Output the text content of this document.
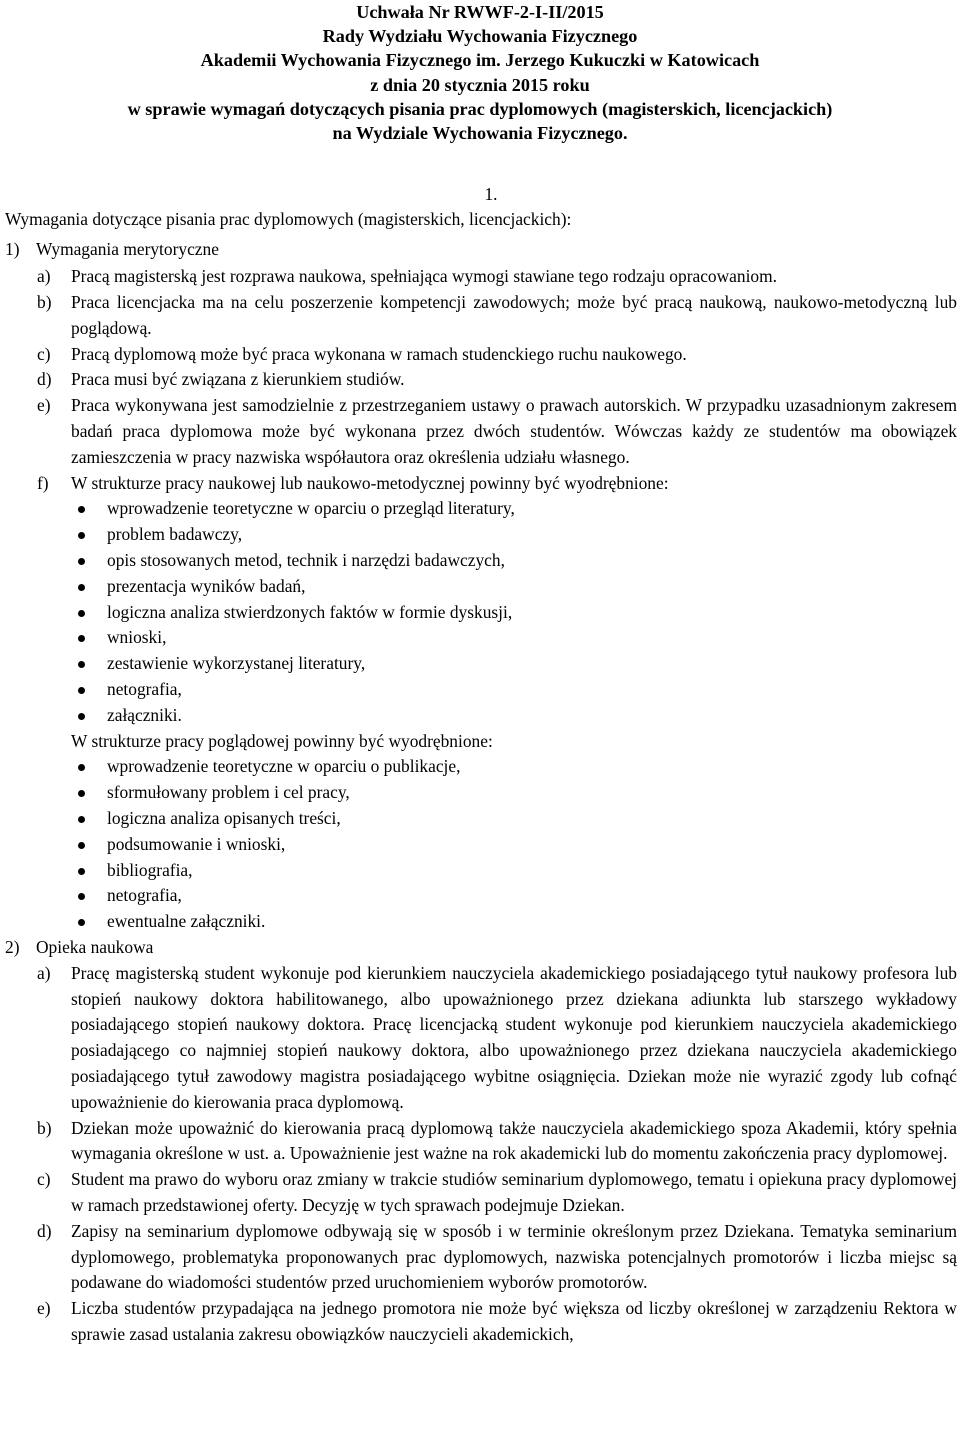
Uchwała Nr RWWF-2-I-II/2015
Rady Wydziału Wychowania Fizycznego
Akademii Wychowania Fizycznego im. Jerzego Kukuczki w Katowicach
z dnia 20 stycznia 2015 roku
w sprawie wymagań dotyczących pisania prac dyplomowych (magisterskich, licencjackich)
na Wydziale Wychowania Fizycznego.
1.
Wymagania dotyczące pisania prac dyplomowych (magisterskich, licencjackich):
1) Wymagania merytoryczne
a) Pracą magisterską jest rozprawa naukowa, spełniająca wymogi stawiane tego rodzaju opracowaniom.
b) Praca licencjacka ma na celu poszerzenie kompetencji zawodowych; może być pracą naukową, naukowo-metodyczną lub poglądową.
c) Pracą dyplomową może być praca wykonana w ramach studenckiego ruchu naukowego.
d) Praca musi być związana z kierunkiem studiów.
e) Praca wykonywana jest samodzielnie z przestrzeganiem ustawy o prawach autorskich. W przypadku uzasadnionym zakresem badań praca dyplomowa może być wykonana przez dwóch studentów. Wówczas każdy ze studentów ma obowiązek zamieszczenia w pracy nazwiska współautora oraz określenia udziału własnego.
f) W strukturze pracy naukowej lub naukowo-metodycznej powinny być wyodrębnione:
wprowadzenie teoretyczne w oparciu o przegląd literatury,
problem badawczy,
opis stosowanych metod, technik i narzędzi badawczych,
prezentacja wyników badań,
logiczna analiza stwierdzonych faktów w formie dyskusji,
wnioski,
zestawienie wykorzystanej literatury,
netografia,
załączniki.
W strukturze pracy poglądowej powinny być wyodrębnione:
wprowadzenie teoretyczne w oparciu o publikacje,
sformułowany problem i cel pracy,
logiczna analiza opisanych treści,
podsumowanie i wnioski,
bibliografia,
netografia,
ewentualne załączniki.
2) Opieka naukowa
a) Pracę magisterską student wykonuje pod kierunkiem nauczyciela akademickiego posiadającego tytuł naukowy profesora lub stopień naukowy doktora habilitowanego, albo upoważnionego przez dziekana adiunkta lub starszego wykładowy posiadającego stopień naukowy doktora. Pracę licencjacką student wykonuje pod kierunkiem nauczyciela akademickiego posiadającego co najmniej stopień naukowy doktora, albo upoważnionego przez dziekana nauczyciela akademickiego posiadającego tytuł zawodowy magistra posiadającego wybitne osiągnięcia. Dziekan może nie wyrazić zgody lub cofnąć upoważnienie do kierowania praca dyplomową.
b) Dziekan może upoważnić do kierowania pracą dyplomową także nauczyciela akademickiego spoza Akademii, który spełnia wymagania określone w ust. a. Upoważnienie jest ważne na rok akademicki lub do momentu zakończenia pracy dyplomowej.
c) Student ma prawo do wyboru oraz zmiany w trakcie studiów seminarium dyplomowego, tematu i opiekuna pracy dyplomowej w ramach przedstawionej oferty. Decyzję w tych sprawach podejmuje Dziekan.
d) Zapisy na seminarium dyplomowe odbywają się w sposób i w terminie określonym przez Dziekana. Tematyka seminarium dyplomowego, problematyka proponowanych prac dyplomowych, nazwiska potencjalnych promotorów i liczba miejsc są podawane do wiadomości studentów przed uruchomieniem wyborów promotorów.
e) Liczba studentów przypadająca na jednego promotora nie może być większa od liczby określonej w zarządzeniu Rektora w sprawie zasad ustalania zakresu obowiązków nauczycieli akademickich,
